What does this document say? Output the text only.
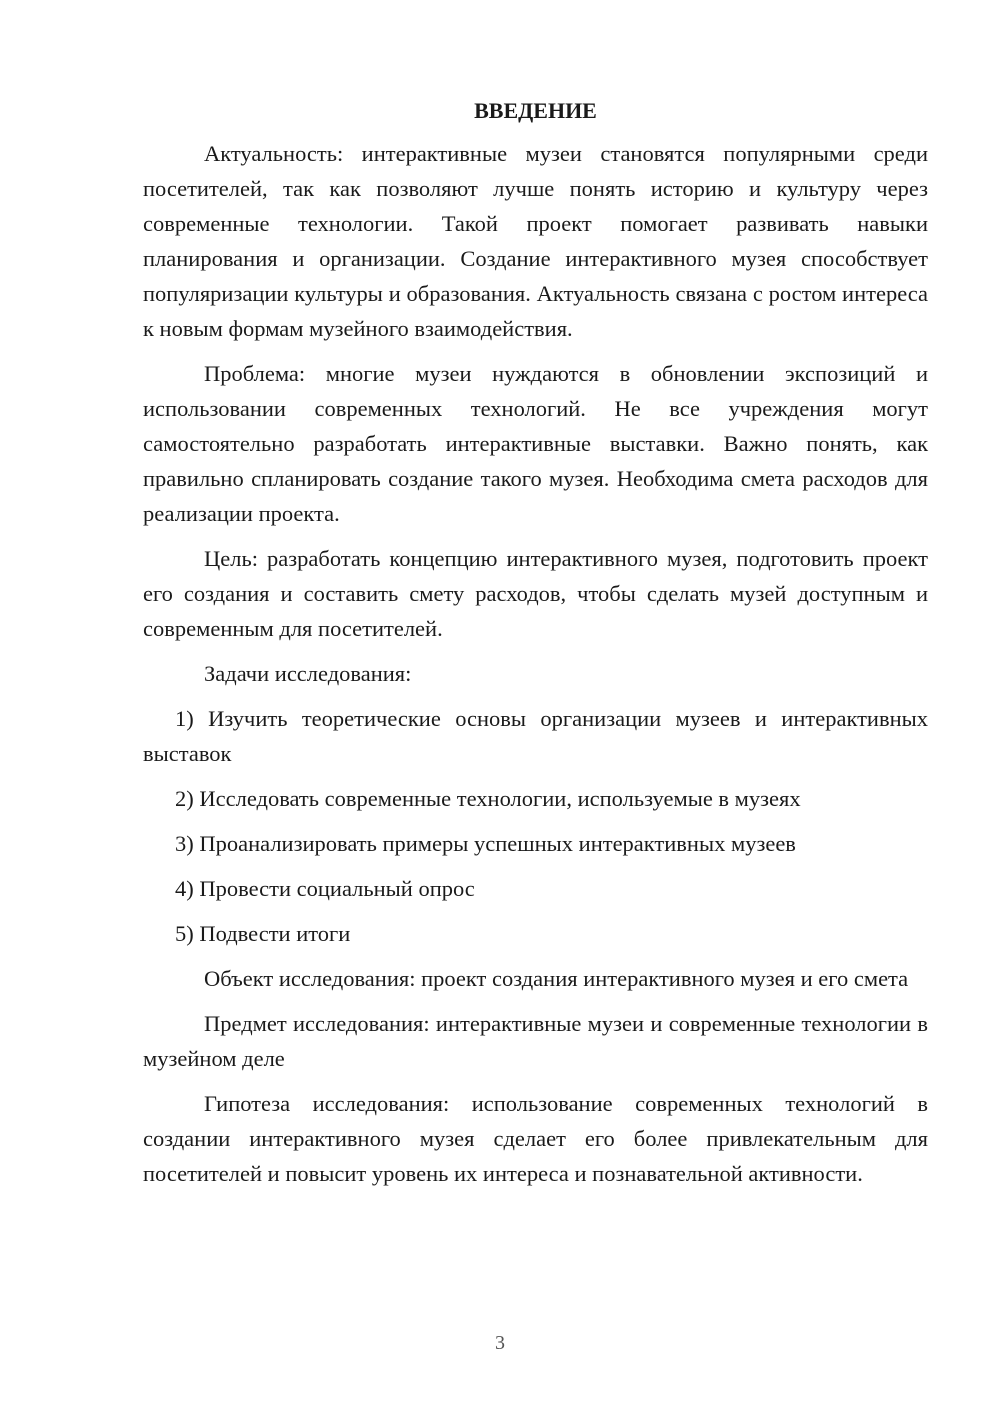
ВВЕДЕНИЕ

Актуальность: интерактивные музеи становятся популярными среди посетителей, так как позволяют лучше понять историю и культуру через современные технологии. Такой проект помогает развивать навыки планирования и организации. Создание интерактивного музея способствует популяризации культуры и образования. Актуальность связана с ростом интереса к новым формам музейного взаимодействия.

Проблема: многие музеи нуждаются в обновлении экспозиций и использовании современных технологий. Не все учреждения могут самостоятельно разработать интерактивные выставки. Важно понять, как правильно спланировать создание такого музея. Необходима смета расходов для реализации проекта.

Цель: разработать концепцию интерактивного музея, подготовить проект его создания и составить смету расходов, чтобы сделать музей доступным и современным для посетителей.

Задачи исследования:

1) Изучить теоретические основы организации музеев и интерактивных выставок

2) Исследовать современные технологии, используемые в музеях

3) Проанализировать примеры успешных интерактивных музеев

4) Провести социальный опрос

5) Подвести итоги

Объект исследования: проект создания интерактивного музея и его смета

Предмет исследования: интерактивные музеи и современные технологии в музейном деле

Гипотеза исследования: использование современных технологий в создании интерактивного музея сделает его более привлекательным для посетителей и повысит уровень их интереса и познавательной активности.

3
